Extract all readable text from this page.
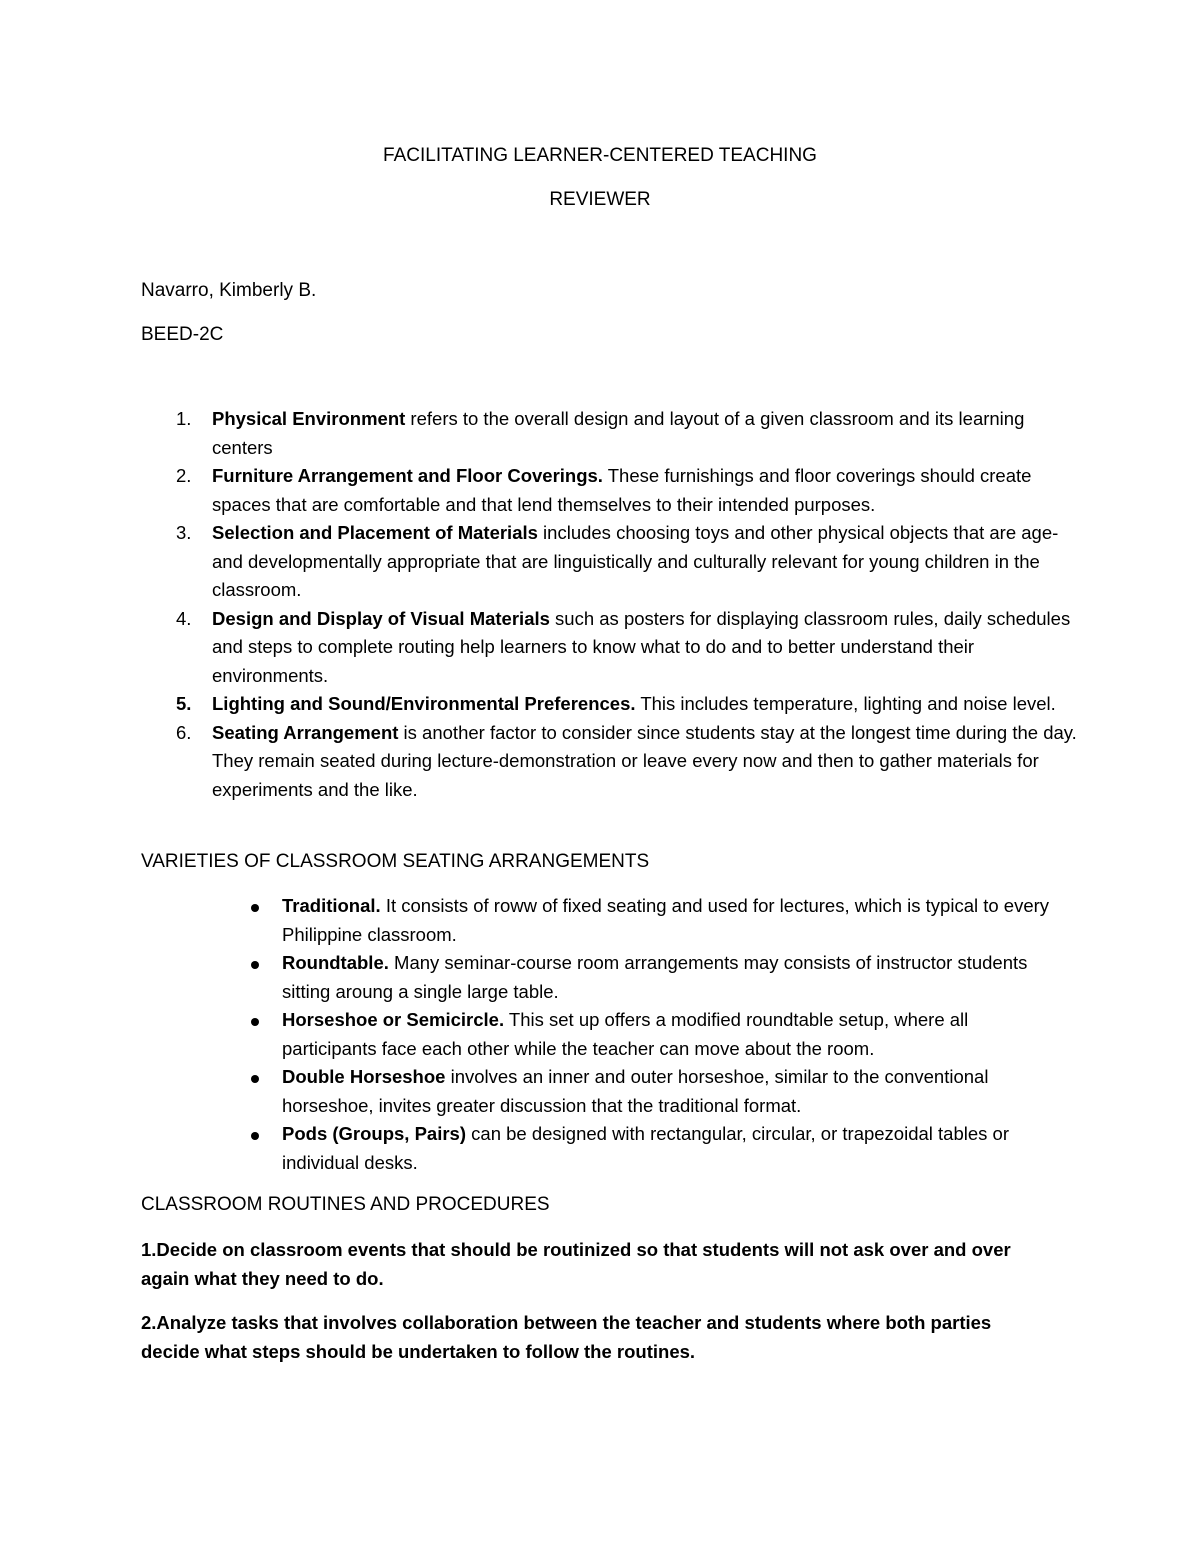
FACILITATING LEARNER-CENTERED TEACHING
REVIEWER
Navarro, Kimberly B.
BEED-2C
1. Physical Environment refers to the overall design and layout of a given classroom and its learning centers
2. Furniture Arrangement and Floor Coverings. These furnishings and floor coverings should create spaces that are comfortable and that lend themselves to their intended purposes.
3. Selection and Placement of Materials includes choosing toys and other physical objects that are age- and developmentally appropriate that are linguistically and culturally relevant for young children in the classroom.
4. Design and Display of Visual Materials such as posters for displaying classroom rules, daily schedules and steps to complete routing help learners to know what to do and to better understand their environments.
5. Lighting and Sound/Environmental Preferences. This includes temperature, lighting and noise level.
6. Seating Arrangement is another factor to consider since students stay at the longest time during the day. They remain seated during lecture-demonstration or leave every now and then to gather materials for experiments and the like.
VARIETIES OF CLASSROOM SEATING ARRANGEMENTS
Traditional. It consists of roww of fixed seating and used for lectures, which is typical to every Philippine classroom.
Roundtable. Many seminar-course room arrangements may consists of instructor students sitting aroung a single large table.
Horseshoe or Semicircle. This set up offers a modified roundtable setup, where all participants face each other while the teacher can move about the room.
Double Horseshoe involves an inner and outer horseshoe, similar to the conventional horseshoe, invites greater discussion that the traditional format.
Pods (Groups, Pairs) can be designed with rectangular, circular, or trapezoidal tables or individual desks.
CLASSROOM ROUTINES AND PROCEDURES
1.Decide on classroom events that should be routinized so that students will not ask over and over again what they need to do.
2.Analyze tasks that involves collaboration between the teacher and students where both parties decide what steps should be undertaken to follow the routines.
